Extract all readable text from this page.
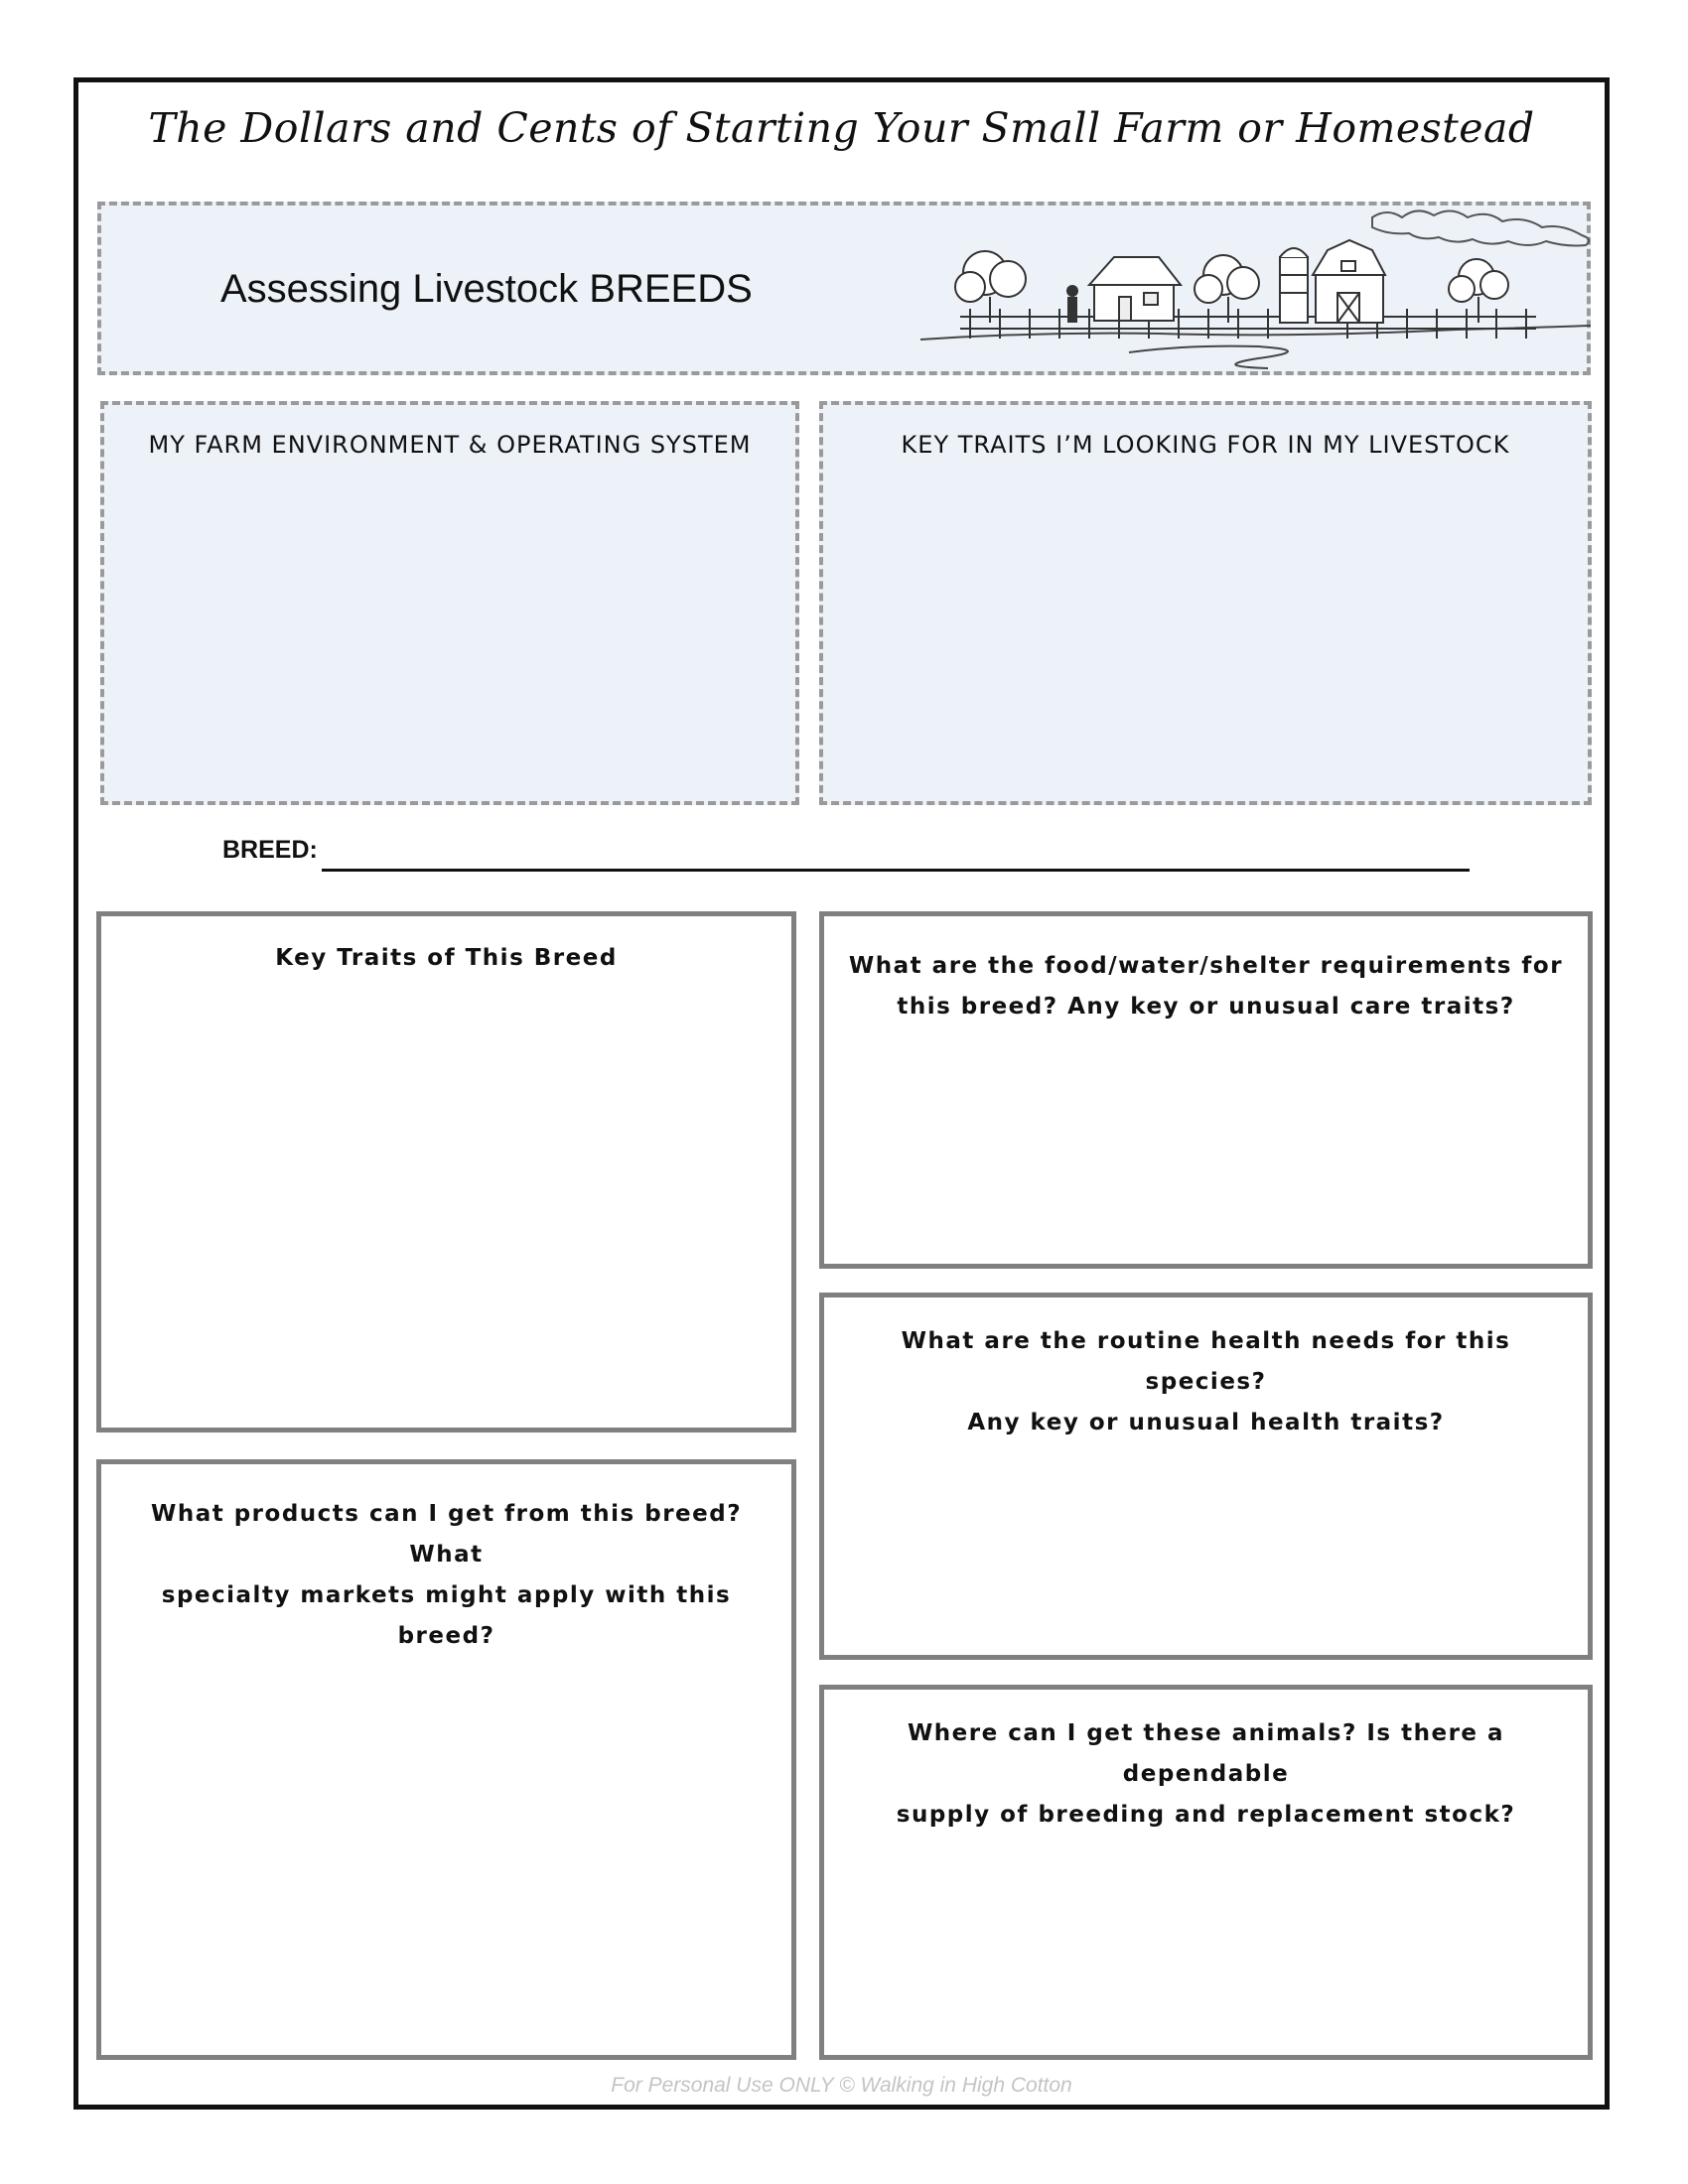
The Dollars and Cents of Starting Your Small Farm or Homestead
Assessing Livestock BREEDS
MY FARM ENVIRONMENT & OPERATING SYSTEM	KEY TRAITS I’M LOOKING FOR IN MY LIVESTOCK
BREED:
Key Traits of This Breed	What are the food/water/shelter requirements for
this breed? Any key or unusual care traits?
What are the routine health needs for this species?
Any key or unusual health traits?
What products can I get from this breed? What
specialty markets might apply with this breed?
Where can I get these animals? Is there a dependable
supply of breeding and replacement stock?
For Personal Use ONLY © Walking in High Cotton
